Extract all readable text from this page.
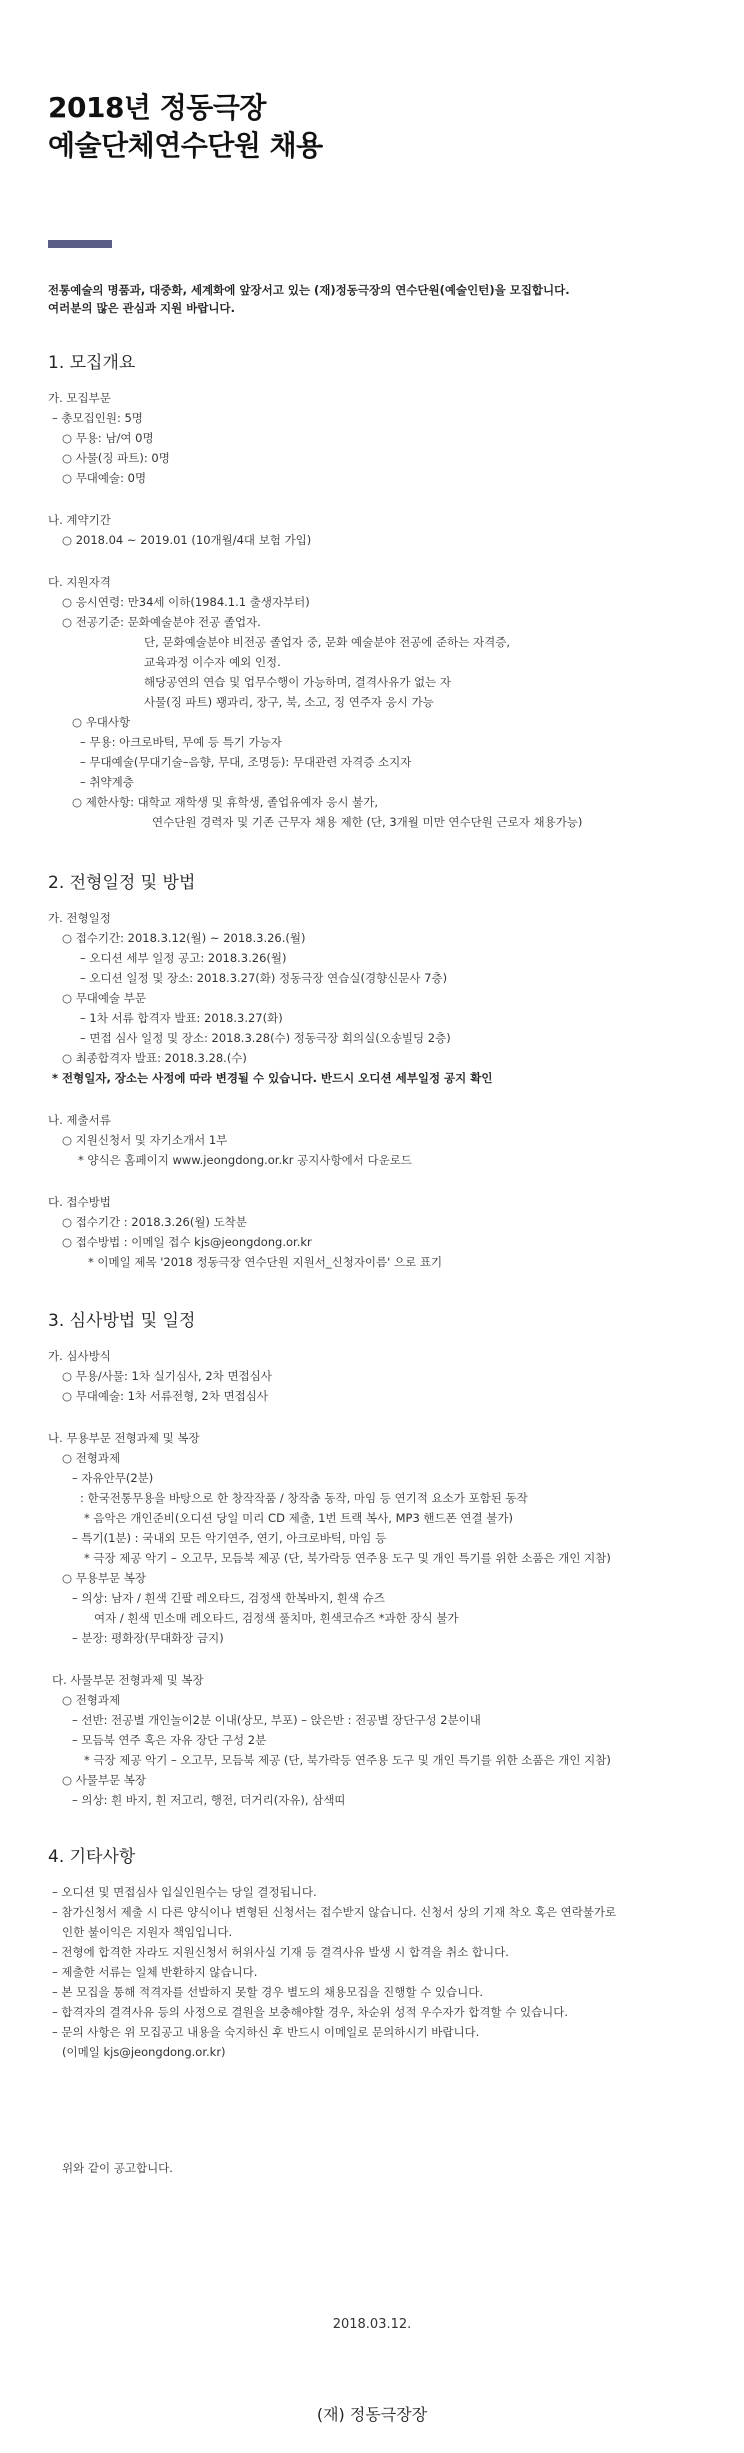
2018년 정동극장
예술단체연수단원 채용
전통예술의 명품과, 대중화, 세계화에 앞장서고 있는 (재)정동극장의 연수단원(예술인턴)을 모집합니다.
여러분의 많은 관심과 지원 바랍니다.
1. 모집개요
가. 모집부문
– 총모집인원: 5명
○ 무용: 남/여 0명
○ 사물(징 파트): 0명
○ 무대예술: 0명
나. 계약기간
○ 2018.04 ~ 2019.01 (10개월/4대 보험 가입)
다. 지원자격
○ 응시연령: 만34세 이하(1984.1.1 출생자부터)
○ 전공기준: 문화예술분야 전공 졸업자.
단, 문화예술분야 비전공 졸업자 중, 문화 예술분야 전공에 준하는 자격증,
교육과정 이수자 예외 인정.
해당공연의 연습 및 업무수행이 가능하며, 결격사유가 없는 자
사물(징 파트) 꽹과리, 장구, 북, 소고, 징 연주자 응시 가능
○ 우대사항
– 무용: 아크로바틱, 무예 등 특기 가능자
– 무대예술(무대기술–음향, 무대, 조명등): 무대관련 자격증 소지자
– 취약계층
○ 제한사항: 대학교 재학생 및 휴학생, 졸업유예자 응시 불가,
연수단원 경력자 및 기존 근무자 채용 제한 (단, 3개월 미만 연수단원 근로자 채용가능)
2. 전형일정 및 방법
가. 전형일정
○ 접수기간: 2018.3.12(월) ~ 2018.3.26.(월)
– 오디션 세부 일정 공고: 2018.3.26(월)
– 오디션 일정 및 장소: 2018.3.27(화) 정동극장 연습실(경향신문사 7층)
○ 무대예술 부문
– 1차 서류 합격자 발표: 2018.3.27(화)
– 면접 심사 일정 및 장소: 2018.3.28(수) 정동극장 회의실(오송빌딩 2층)
○ 최종합격자 발표: 2018.3.28.(수)
* 전형일자, 장소는 사정에 따라 변경될 수 있습니다. 반드시 오디션 세부일정 공지 확인
나. 제출서류
○ 지원신청서 및 자기소개서 1부
* 양식은 홈페이지 www.jeongdong.or.kr 공지사항에서 다운로드
다. 접수방법
○ 접수기간 : 2018.3.26(월) 도착분
○ 접수방법 : 이메일 접수 kjs@jeongdong.or.kr
* 이메일 제목 '2018 정동극장 연수단원 지원서_신청자이름' 으로 표기
3. 심사방법 및 일정
가. 심사방식
○ 무용/사물: 1차 실기심사, 2차 면접심사
○ 무대예술: 1차 서류전형, 2차 면접심사
나. 무용부문 전형과제 및 복장
○ 전형과제
– 자유안무(2분)
: 한국전통무용을 바탕으로 한 창작작품 / 창작춤 동작, 마임 등 연기적 요소가 포함된 동작
* 음악은 개인준비(오디션 당일 미리 CD 제출, 1번 트랙 복사, MP3 핸드폰 연결 불가)
– 특기(1분) : 국내외 모든 악기연주, 연기, 아크로바틱, 마임 등
* 극장 제공 악기 – 오고무, 모듬북 제공 (단, 북가락등 연주용 도구 및 개인 특기를 위한 소품은 개인 지참)
○ 무용부문 복장
– 의상: 남자 / 흰색 긴팔 레오타드, 검정색 한복바지, 흰색 슈즈
여자 / 흰색 민소매 레오타드, 검정색 풀치마, 흰색코슈즈 *과한 장식 불가
– 분장: 평화장(무대화장 금지)
다. 사물부문 전형과제 및 복장
○ 전형과제
– 선반: 전공별 개인놀이2분 이내(상모, 부포) – 앉은반 : 전공별 장단구성 2분이내
– 모듬북 연주 혹은 자유 장단 구성 2분
* 극장 제공 악기 – 오고무, 모듬북 제공 (단, 북가락등 연주용 도구 및 개인 특기를 위한 소품은 개인 지참)
○ 사물부문 복장
– 의상: 흰 바지, 흰 저고리, 행전, 더거리(자유), 삼색띠
4. 기타사항
– 오디션 및 면접심사 입실인원수는 당일 결정됩니다.
– 참가신청서 제출 시 다른 양식이나 변형된 신청서는 접수받지 않습니다. 신청서 상의 기재 착오 혹은 연락불가로
인한 불이익은 지원자 책임입니다.
– 전형에 합격한 자라도 지원신청서 허위사실 기재 등 결격사유 발생 시 합격을 취소 합니다.
– 제출한 서류는 일체 반환하지 않습니다.
– 본 모집을 통해 적격자를 선발하지 못할 경우 별도의 채용모집을 진행할 수 있습니다.
– 합격자의 결격사유 등의 사정으로 결원을 보충해야할 경우, 차순위 성적 우수자가 합격할 수 있습니다.
– 문의 사항은 위 모집공고 내용을 숙지하신 후 반드시 이메일로 문의하시기 바랍니다.
(이메일 kjs@jeongdong.or.kr)
위와 같이 공고합니다.
2018.03.12.
(재) 정동극장장
